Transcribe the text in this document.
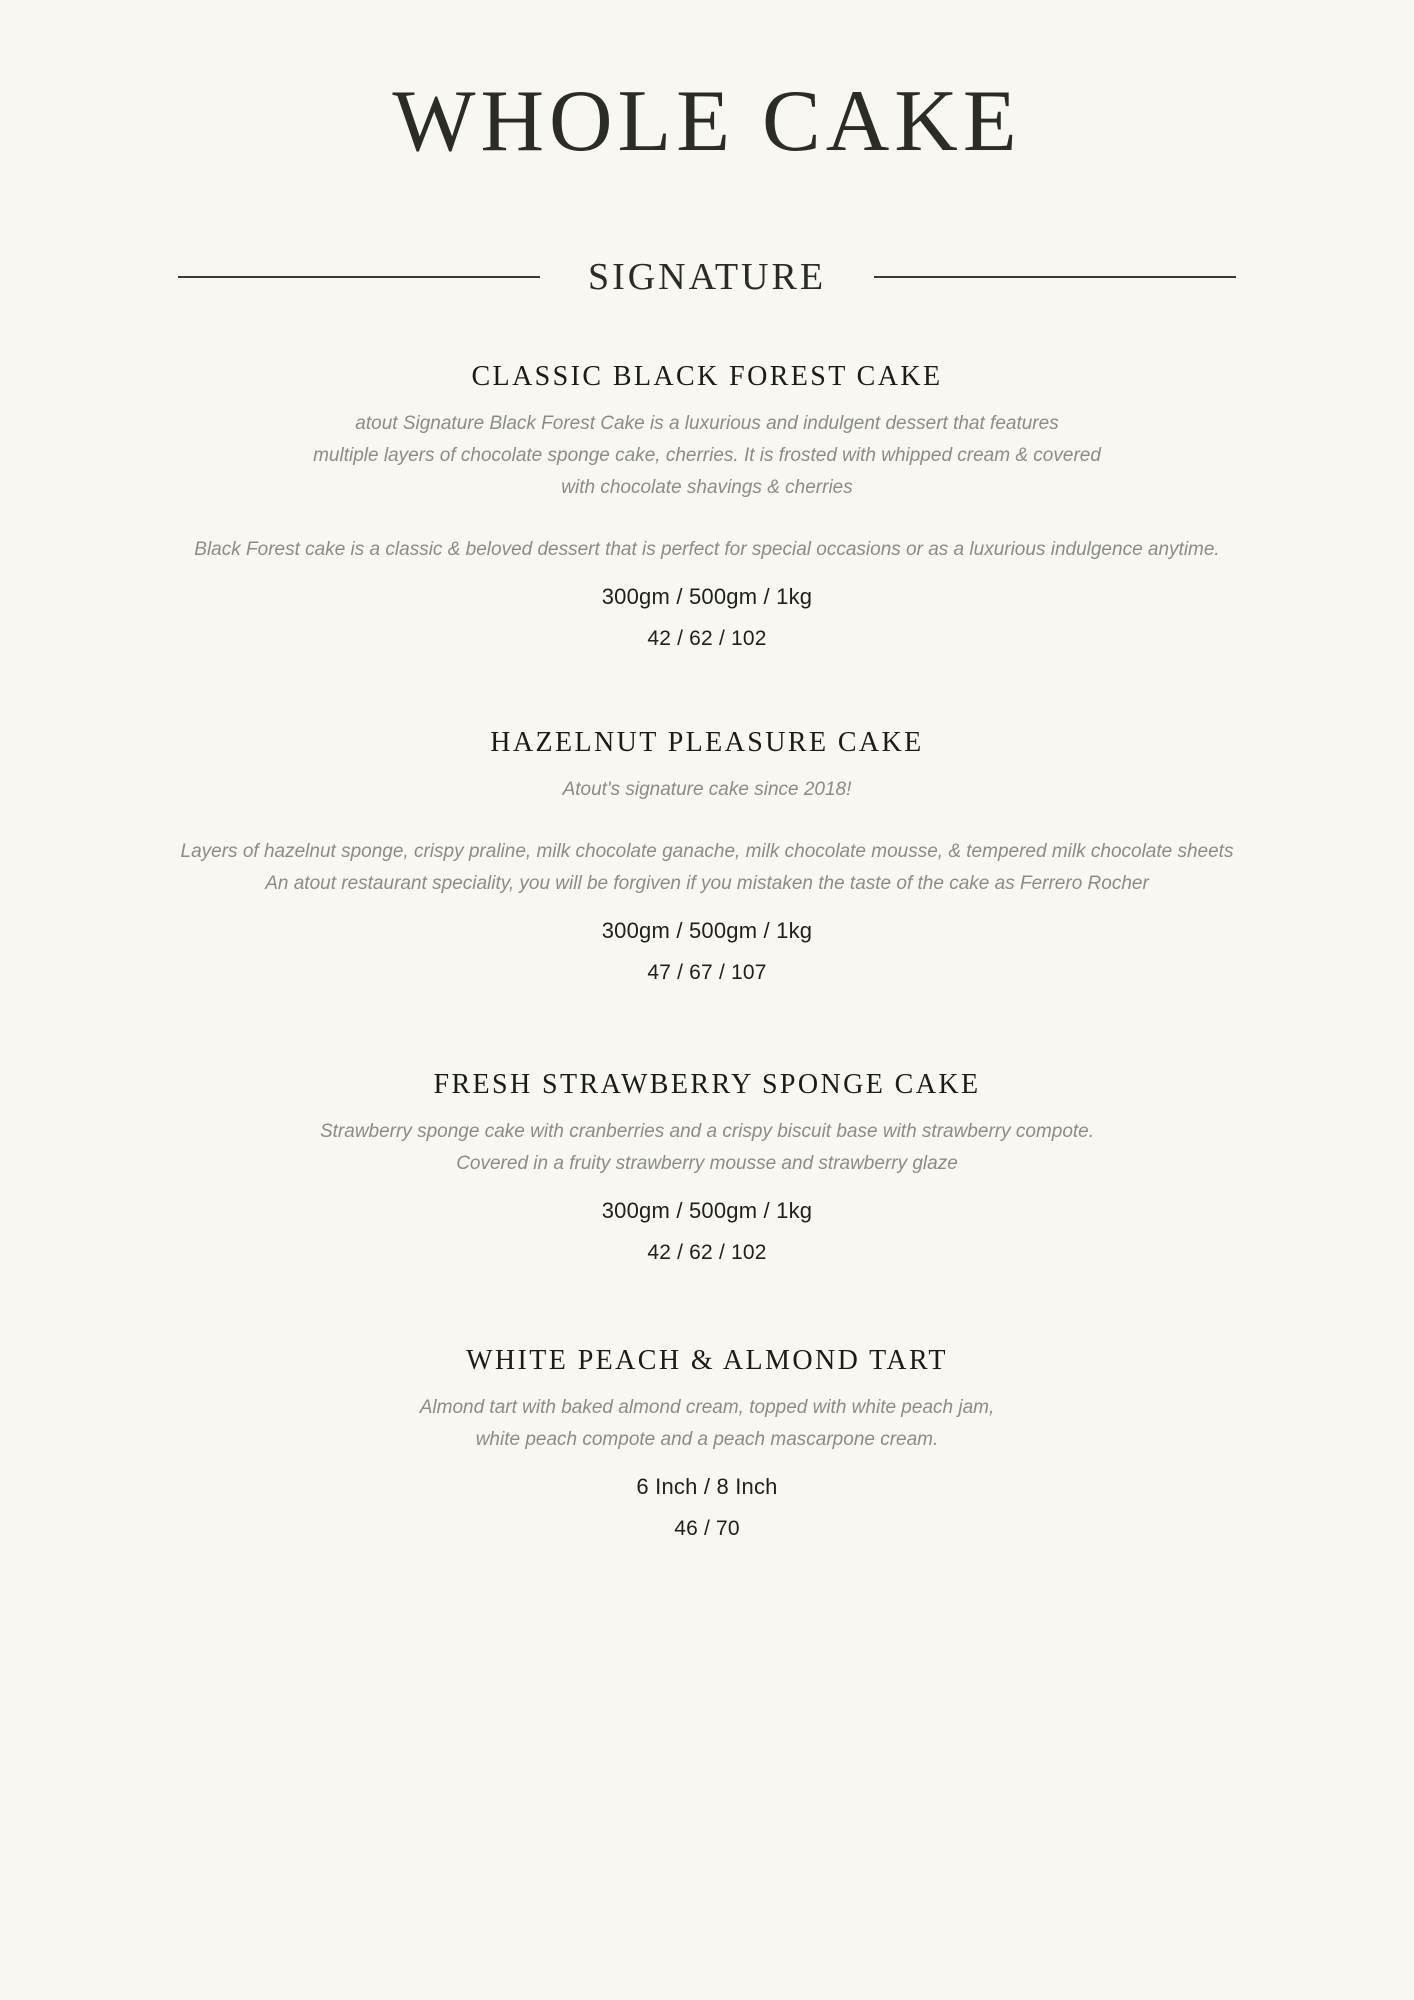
WHOLE CAKE
SIGNATURE
CLASSIC BLACK FOREST CAKE

atout Signature Black Forest Cake is a luxurious and indulgent dessert that features

multiple layers of chocolate sponge cake, cherries. It is frosted with whipped cream & covered

with chocolate shavings & cherries

Black Forest cake is a classic & beloved dessert that is perfect for special occasions or as a luxurious indulgence anytime.

300gm / 500gm / 1kg

42 / 62 / 102

HAZELNUT PLEASURE CAKE

Atout's signature cake since 2018!

Layers of hazelnut sponge, crispy praline, milk chocolate ganache, milk chocolate mousse, & tempered milk chocolate sheets

An atout restaurant speciality, you will be forgiven if you mistaken the taste of the cake as Ferrero Rocher

300gm / 500gm / 1kg

47 / 67 / 107

FRESH STRAWBERRY SPONGE CAKE

Strawberry sponge cake with cranberries and a crispy biscuit base with strawberry compote.

Covered in a fruity strawberry mousse and strawberry glaze

300gm / 500gm / 1kg

42 / 62 / 102

WHITE PEACH & ALMOND TART

Almond tart with baked almond cream, topped with white peach jam,

white peach compote and a peach mascarpone cream.

6 Inch / 8 Inch

46 / 70
